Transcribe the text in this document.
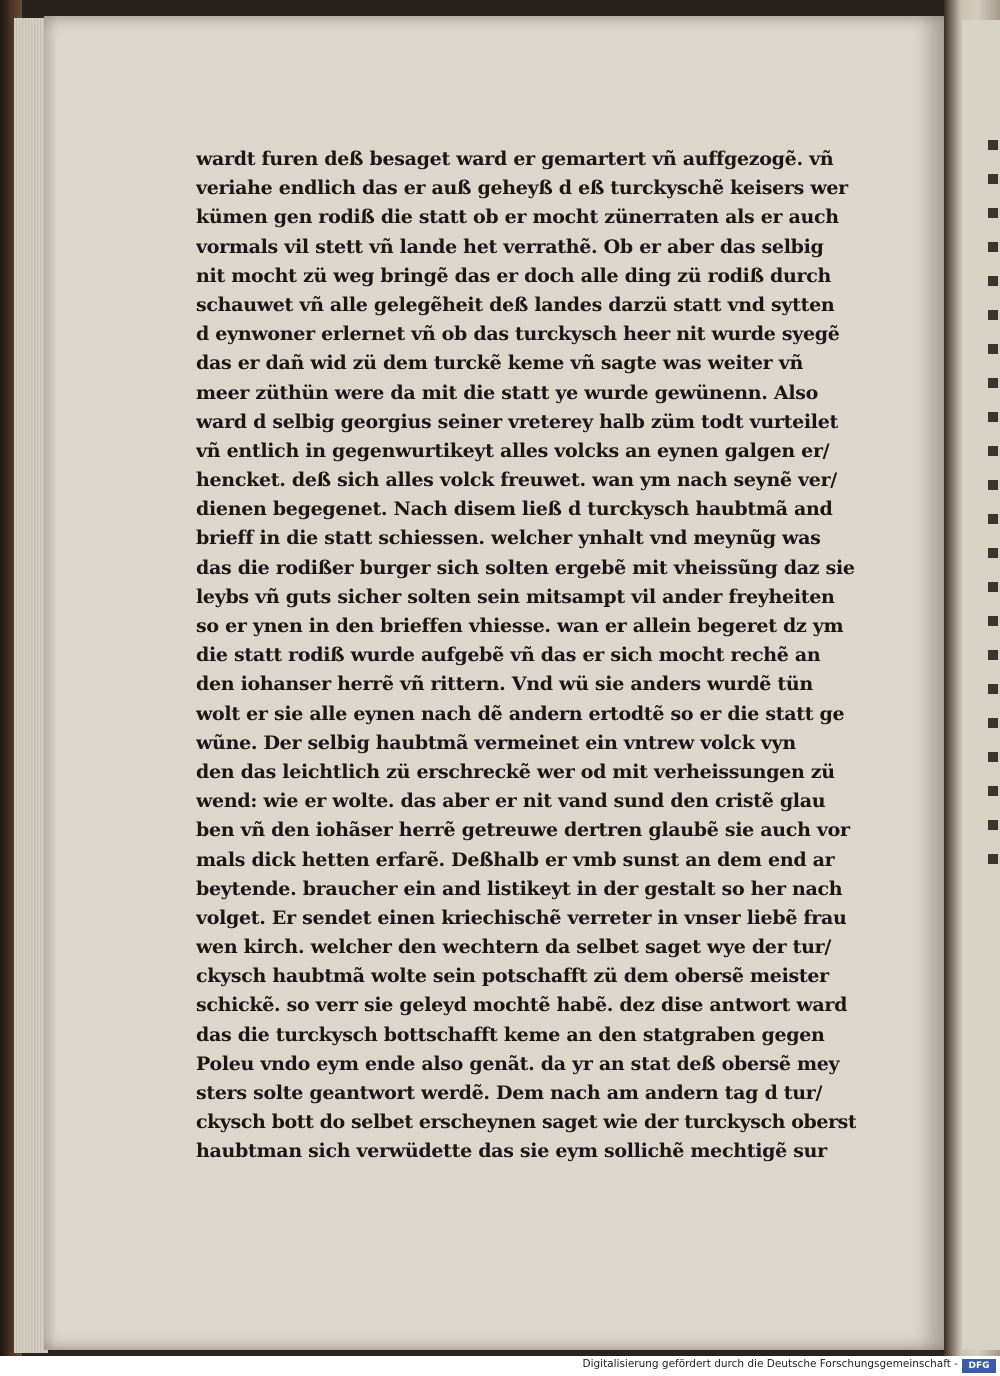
wardt furen deß besaget ward er gemartert vñ auffgezogẽ. vñ
veriahe endlich das er auß geheyß d eß turckyschẽ keisers wer
kümen gen rodiß die statt ob er mocht zünerraten als er auch
vormals vil stett vñ lande het verrathẽ. Ob er aber das selbig
nit mocht zü weg bringẽ das er doch alle ding zü rodiß durch
schauwet vñ alle gelegẽheit deß landes darzü statt vnd sytten
d eynwoner erlernet vñ ob das turckysch heer nit wurde syegẽ
das er dañ wid zü dem turckẽ keme vñ sagte was weiter vñ
meer züthün were da mit die statt ye wurde gewünenn. Also
ward d selbig georgius seiner vreterey halb züm todt vurteilet
vñ entlich in gegenwurtikeyt alles volcks an eynen galgen er/
hencket. deß sich alles volck freuwet. wan ym nach seynẽ ver/
dienen begegenet. Nach disem ließ d turckysch haubtmã and
brieff in die statt schiessen. welcher ynhalt vnd meynũg was
das die rodißer burger sich solten ergebẽ mit vheissũng daz sie
leybs vñ guts sicher solten sein mitsampt vil ander freyheiten
so er ynen in den brieffen vhiesse. wan er allein begeret dz ym
die statt rodiß wurde aufgebẽ vñ das er sich mocht rechẽ an
den iohanser herrẽ vñ rittern. Vnd wü sie anders wurdẽ tün
wolt er sie alle eynen nach dẽ andern ertodtẽ so er die statt ge
wũne. Der selbig haubtmã vermeinet ein vntrew volck vyn
den das leichtlich zü erschreckẽ wer od mit verheissungen zü
wend: wie er wolte. das aber er nit vand sund den cristẽ glau
ben vñ den iohãser herrẽ getreuwe dertren glaubẽ sie auch vor
mals dick hetten erfarẽ. Deßhalb er vmb sunst an dem end ar
beytende. braucher ein and listikeyt in der gestalt so her nach
volget. Er sendet einen kriechischẽ verreter in vnser liebẽ frau
wen kirch. welcher den wechtern da selbet saget wye der tur/
ckysch haubtmã wolte sein potschafft zü dem obersẽ meister
schickẽ. so verr sie geleyd mochtẽ habẽ. dez dise antwort ward
das die turckysch bottschafft keme an den statgraben gegen
Poleu vndo eym ende also genãt. da yr an stat deß obersẽ mey
sters solte geantwort werdẽ. Dem nach am andern tag d tur/
ckysch bott do selbet erscheynen saget wie der turckysch oberst
haubtman sich verwüdette das sie eym sollichẽ mechtigẽ sur
Digitalisierung gefördert durch die Deutsche Forschungsgemeinschaft -	DFG
